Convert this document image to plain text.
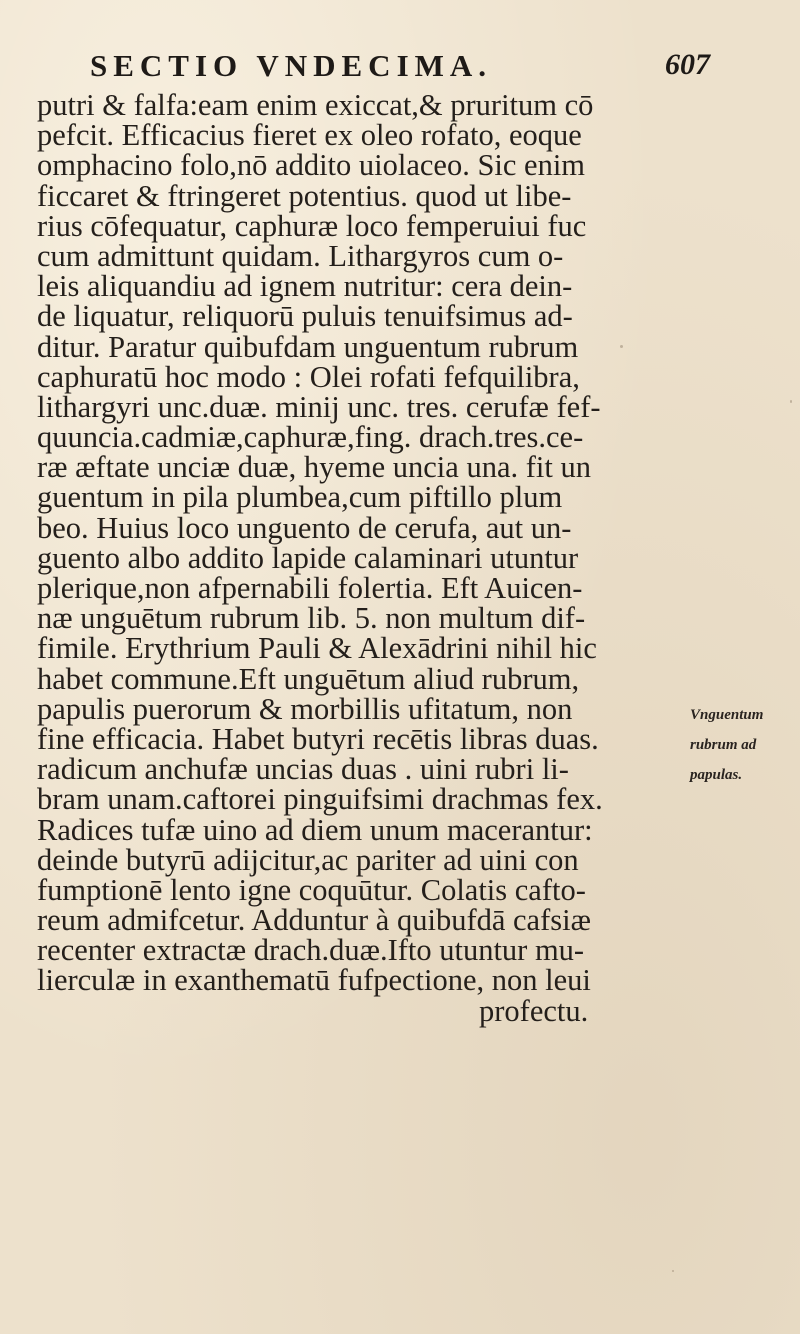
SECTIO VNDECIMA.	607
putri & falfa:eam enim exiccat,& pruritum cō
pefcit. Efficacius fieret ex oleo rofato, eoque
omphacino folo,nō addito uiolaceo. Sic enim
ficcaret & ftringeret potentius. quod ut libe-
rius cōfequatur, caphuræ loco femperuiui fuc
cum admittunt quidam. Lithargyros cum o-
leis aliquandiu ad ignem nutritur: cera dein-
de liquatur, reliquorū puluis tenuifsimus ad-
ditur. Paratur quibufdam unguentum rubrum
caphuratū hoc modo : Olei rofati fefquilibra,
lithargyri unc.duæ. minij unc. tres. cerufæ fef-
quuncia.cadmiæ,caphuræ,fing. drach.tres.ce-
ræ æftate unciæ duæ, hyeme uncia una. fit un
guentum in pila plumbea,cum piftillo plum
beo. Huius loco unguento de cerufa, aut un-
guento albo addito lapide calaminari utuntur
plerique,non afpernabili folertia. Eft Auicen-
næ unguētum rubrum lib. 5. non multum dif-
fimile. Erythrium Pauli & Alexādrini nihil hic
habet commune.Eft unguētum aliud rubrum,
papulis puerorum & morbillis ufitatum, non
fine efficacia. Habet butyri recētis libras duas.
radicum anchufæ uncias duas . uini rubri li-
bram unam.caftorei pinguifsimi drachmas fex.
Radices tufæ uino ad diem unum macerantur:
deinde butyrū adijcitur,ac pariter ad uini con
fumptionē lento igne coquūtur. Colatis cafto-
reum admifcetur. Adduntur à quibufdā cafsiæ
recenter extractæ drach.duæ.Ifto utuntur mu-
lierculæ in exanthematū fufpectione, non leui
profectu.
Vnguentum
rubrum ad
papulas.
